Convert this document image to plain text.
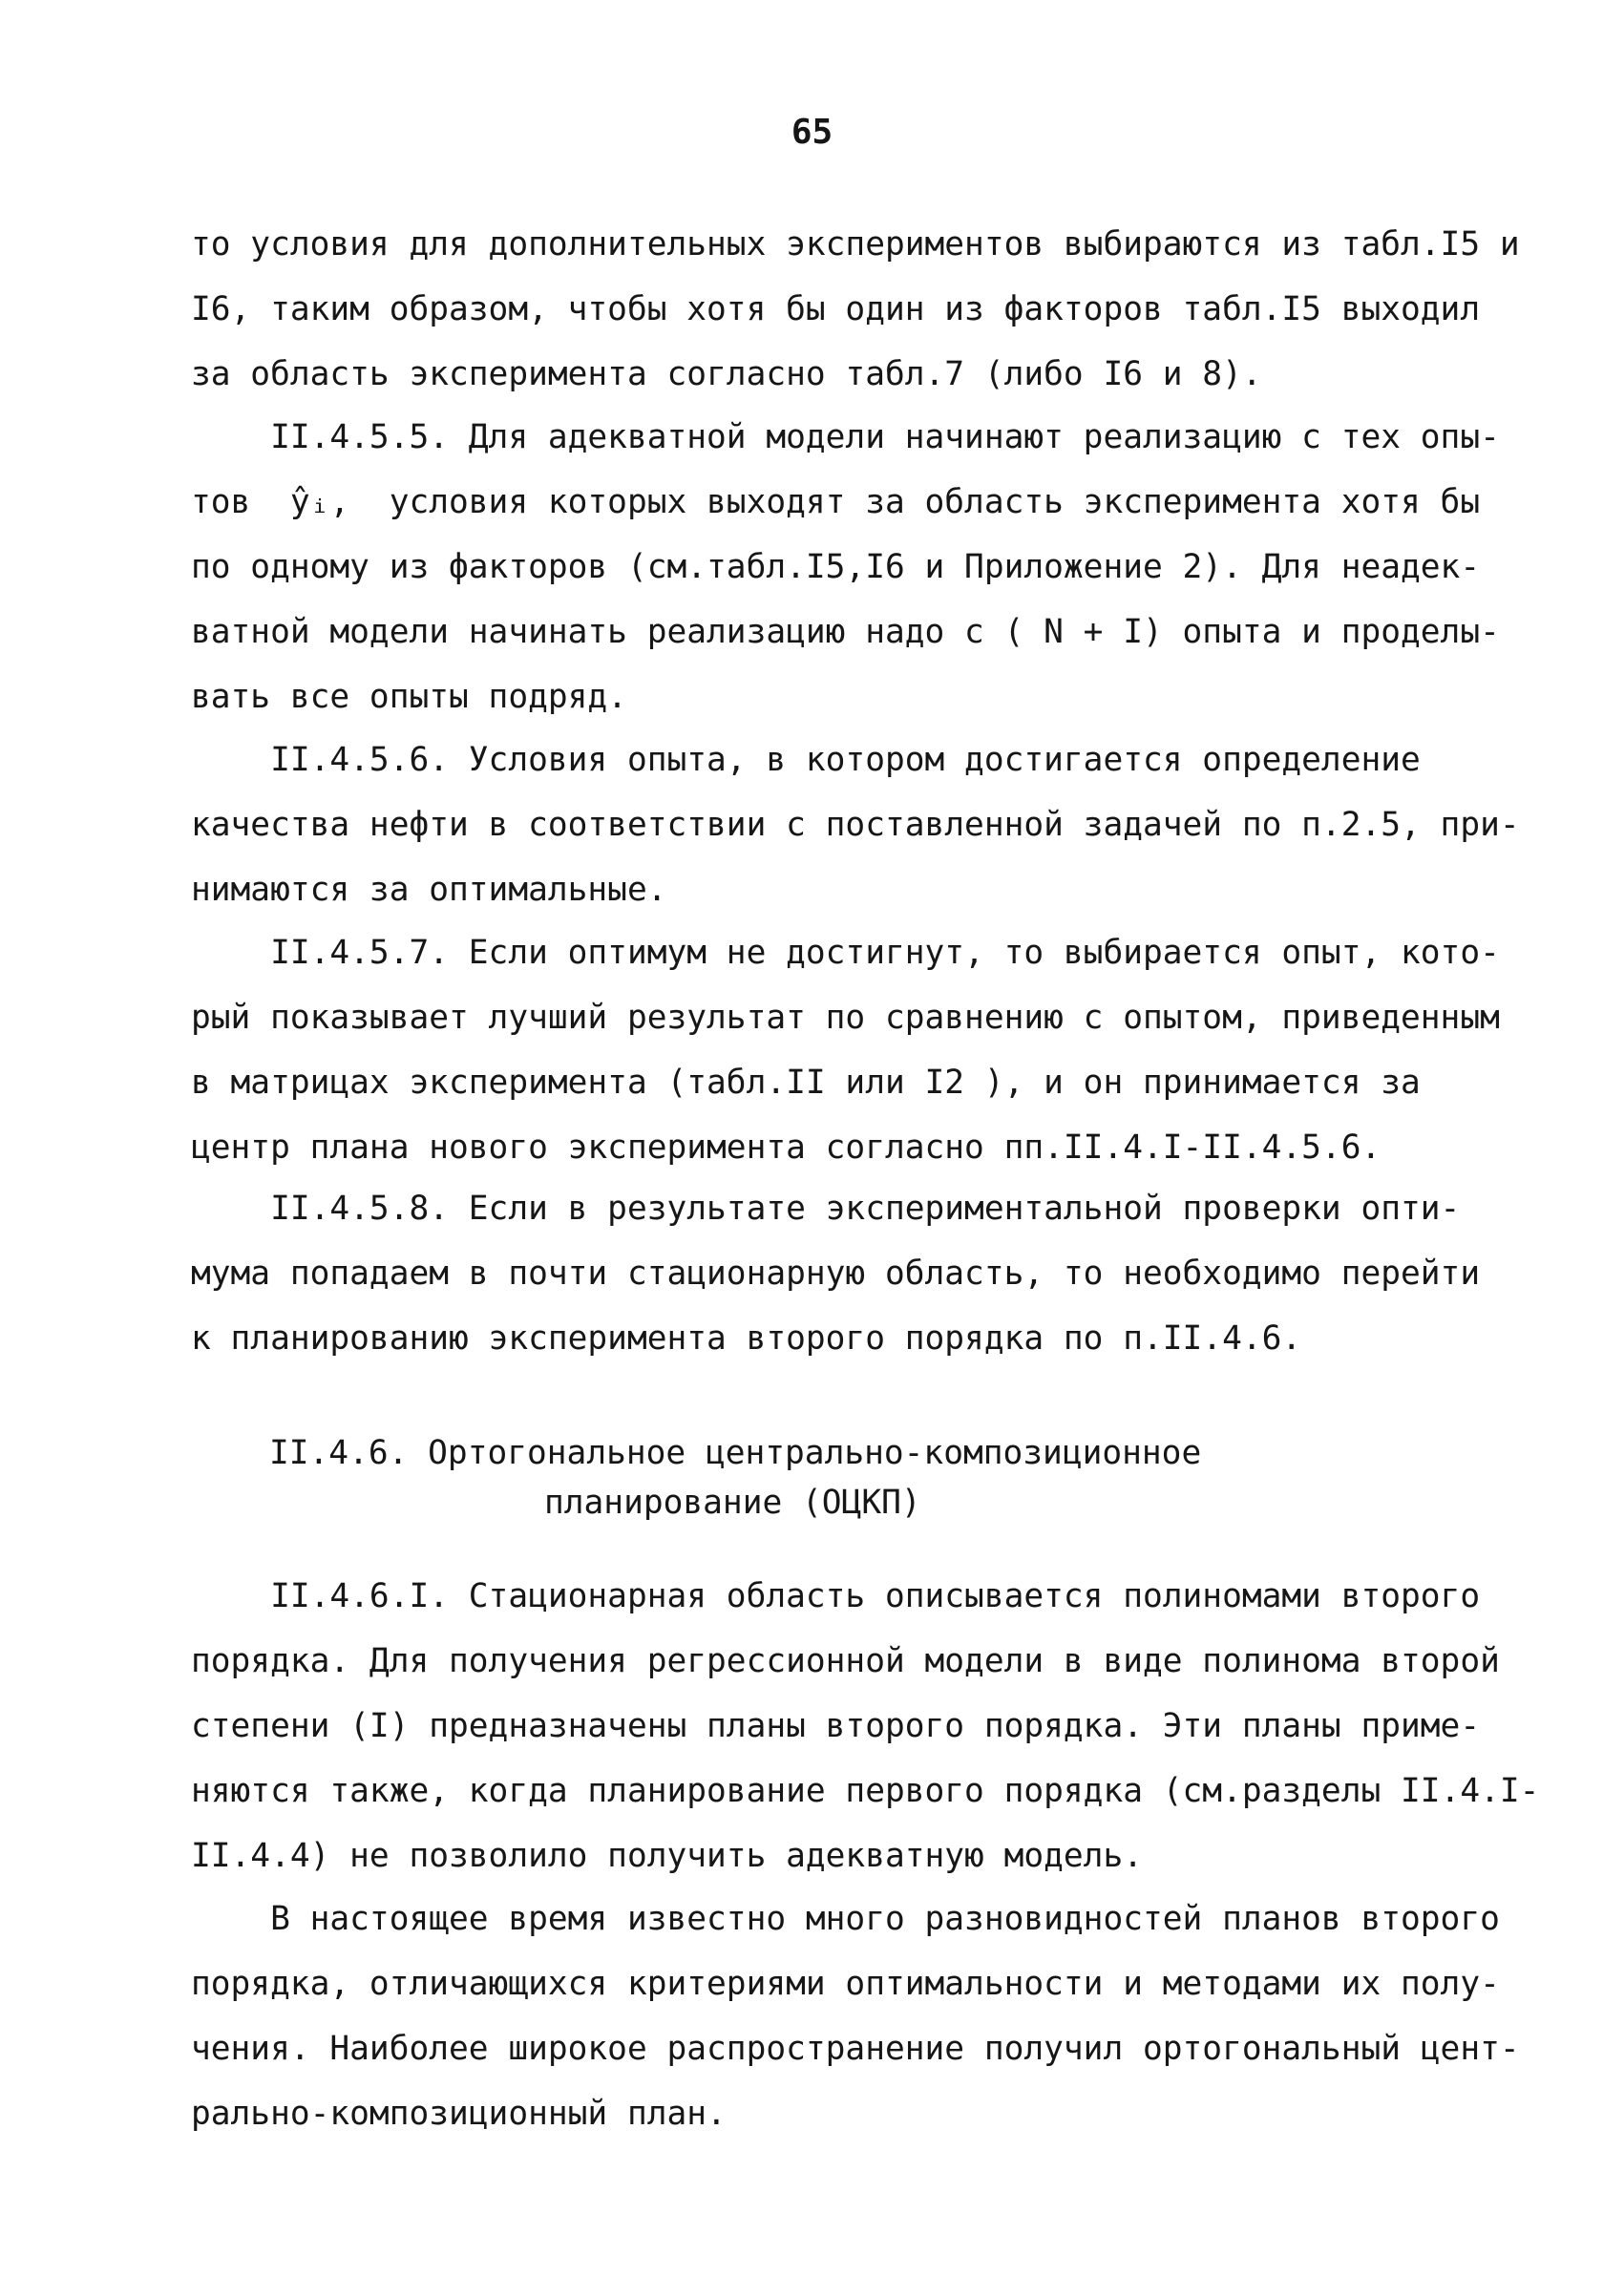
65
то условия для дополнительных экспериментов выбираются из табл.I5 и
I6, таким образом, чтобы хотя бы один из факторов табл.I5 выходил
за область эксперимента согласно табл.7 (либо I6 и 8).
II.4.5.5. Для адекватной модели начинают реализацию с тех опы-
тов  ŷᵢ,  условия которых выходят за область эксперимента хотя бы
по одному из факторов (см.табл.I5,I6 и Приложение 2). Для неадек-
ватной модели начинать реализацию надо с ( N + I) опыта и проделы-
вать все опыты подряд.
II.4.5.6. Условия опыта, в котором достигается определение
качества нефти в соответствии с поставленной задачей по п.2.5, при-
нимаются за оптимальные.
II.4.5.7. Если оптимум не достигнут, то выбирается опыт, кото-
рый показывает лучший результат по сравнению с опытом, приведенным
в матрицах эксперимента (табл.II или I2 ), и он принимается за
центр плана нового эксперимента согласно пп.II.4.I-II.4.5.6.
II.4.5.8. Если в результате экспериментальной проверки опти-
мума попадаем в почти стационарную область, то необходимо перейти
к планированию эксперимента второго порядка по п.II.4.6.
II.4.6. Ортогональное центрально-композиционное
планирование (ОЦКП)
II.4.6.I. Стационарная область описывается полиномами второго
порядка. Для получения регрессионной модели в виде полинома второй
степени (I) предназначены планы второго порядка. Эти планы приме-
няются также, когда планирование первого порядка (см.разделы II.4.I-
II.4.4) не позволило получить адекватную модель.
В настоящее время известно много разновидностей планов второго
порядка, отличающихся критериями оптимальности и методами их полу-
чения. Наиболее широкое распространение получил ортогональный цент-
рально-композиционный план.
